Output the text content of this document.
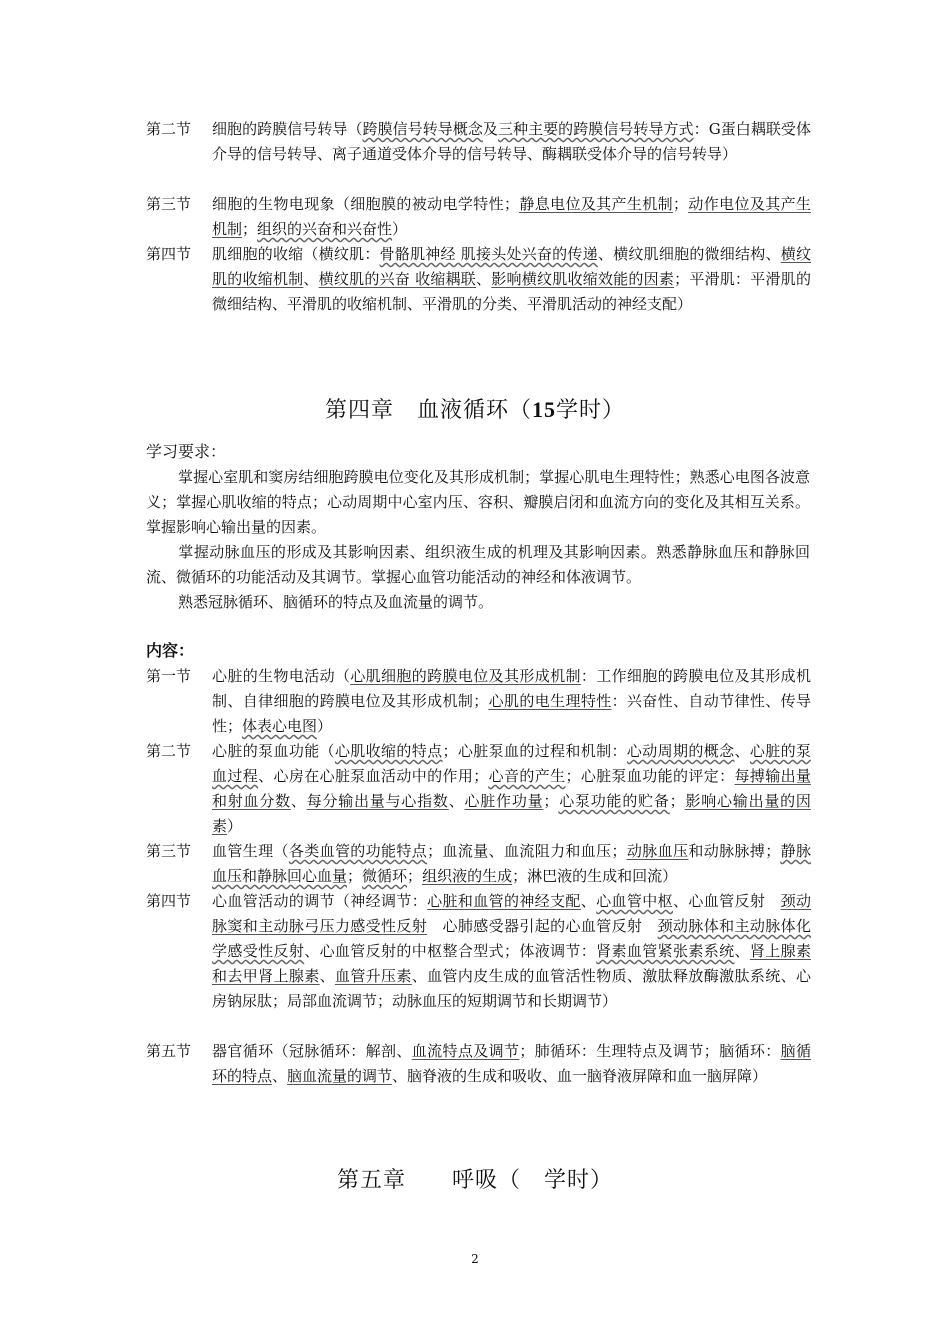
第二节	细胞的跨膜信号转导（跨膜信号转导概念及三种主要的跨膜信号转导方式：G蛋白耦联受体介导的信号转导、离子通道受体介导的信号转导、酶耦联受体介导的信号转导）
第三节	细胞的生物电现象（细胞膜的被动电学特性；静息电位及其产生机制；动作电位及其产生机制；组织的兴奋和兴奋性）
第四节	肌细胞的收缩（横纹肌：骨骼肌神经 肌接头处兴奋的传递、横纹肌细胞的微细结构、横纹肌的收缩机制、横纹肌的兴奋 收缩耦联、影响横纹肌收缩效能的因素；平滑肌：平滑肌的微细结构、平滑肌的收缩机制、平滑肌的分类、平滑肌活动的神经支配）
第四章　血液循环（15学时）
学习要求：
掌握心室肌和窦房结细胞跨膜电位变化及其形成机制；掌握心肌电生理特性；熟悉心电图各波意义；掌握心肌收缩的特点；心动周期中心室内压、容积、瓣膜启闭和血流方向的变化及其相互关系。掌握影响心输出量的因素。
掌握动脉血压的形成及其影响因素、组织液生成的机理及其影响因素。熟悉静脉血压和静脉回流、微循环的功能活动及其调节。掌握心血管功能活动的神经和体液调节。
熟悉冠脉循环、脑循环的特点及血流量的调节。
内容：
第一节	心脏的生物电活动（心肌细胞的跨膜电位及其形成机制：工作细胞的跨膜电位及其形成机制、自律细胞的跨膜电位及其形成机制；心肌的电生理特性：兴奋性、自动节律性、传导性；体表心电图）
第二节	心脏的泵血功能（心肌收缩的特点；心脏泵血的过程和机制：心动周期的概念、心脏的泵血过程、心房在心脏泵血活动中的作用；心音的产生；心脏泵血功能的评定：每搏输出量和射血分数、每分输出量与心指数、心脏作功量；心泵功能的贮备；影响心输出量的因素）
第三节	血管生理（各类血管的功能特点；血流量、血流阻力和血压；动脉血压和动脉脉搏；静脉血压和静脉回心血量；微循环；组织液的生成；淋巴液的生成和回流）
第四节	心血管活动的调节（神经调节：心脏和血管的神经支配、心血管中枢、心血管反射　颈动脉窦和主动脉弓压力感受性反射　心肺感受器引起的心血管反射　颈动脉体和主动脉体化学感受性反射、心血管反射的中枢整合型式；体液调节：肾素血管紧张素系统、肾上腺素和去甲肾上腺素、血管升压素、血管内皮生成的血管活性物质、激肽释放酶激肽系统、心房钠尿肽；局部血流调节；动脉血压的短期调节和长期调节）
第五节	器官循环（冠脉循环：解剖、血流特点及调节；肺循环：生理特点及调节；脑循环：脑循环的特点、脑血流量的调节、脑脊液的生成和吸收、血一脑脊液屏障和血一脑屏障）
第五章　　呼吸（　学时）
2
